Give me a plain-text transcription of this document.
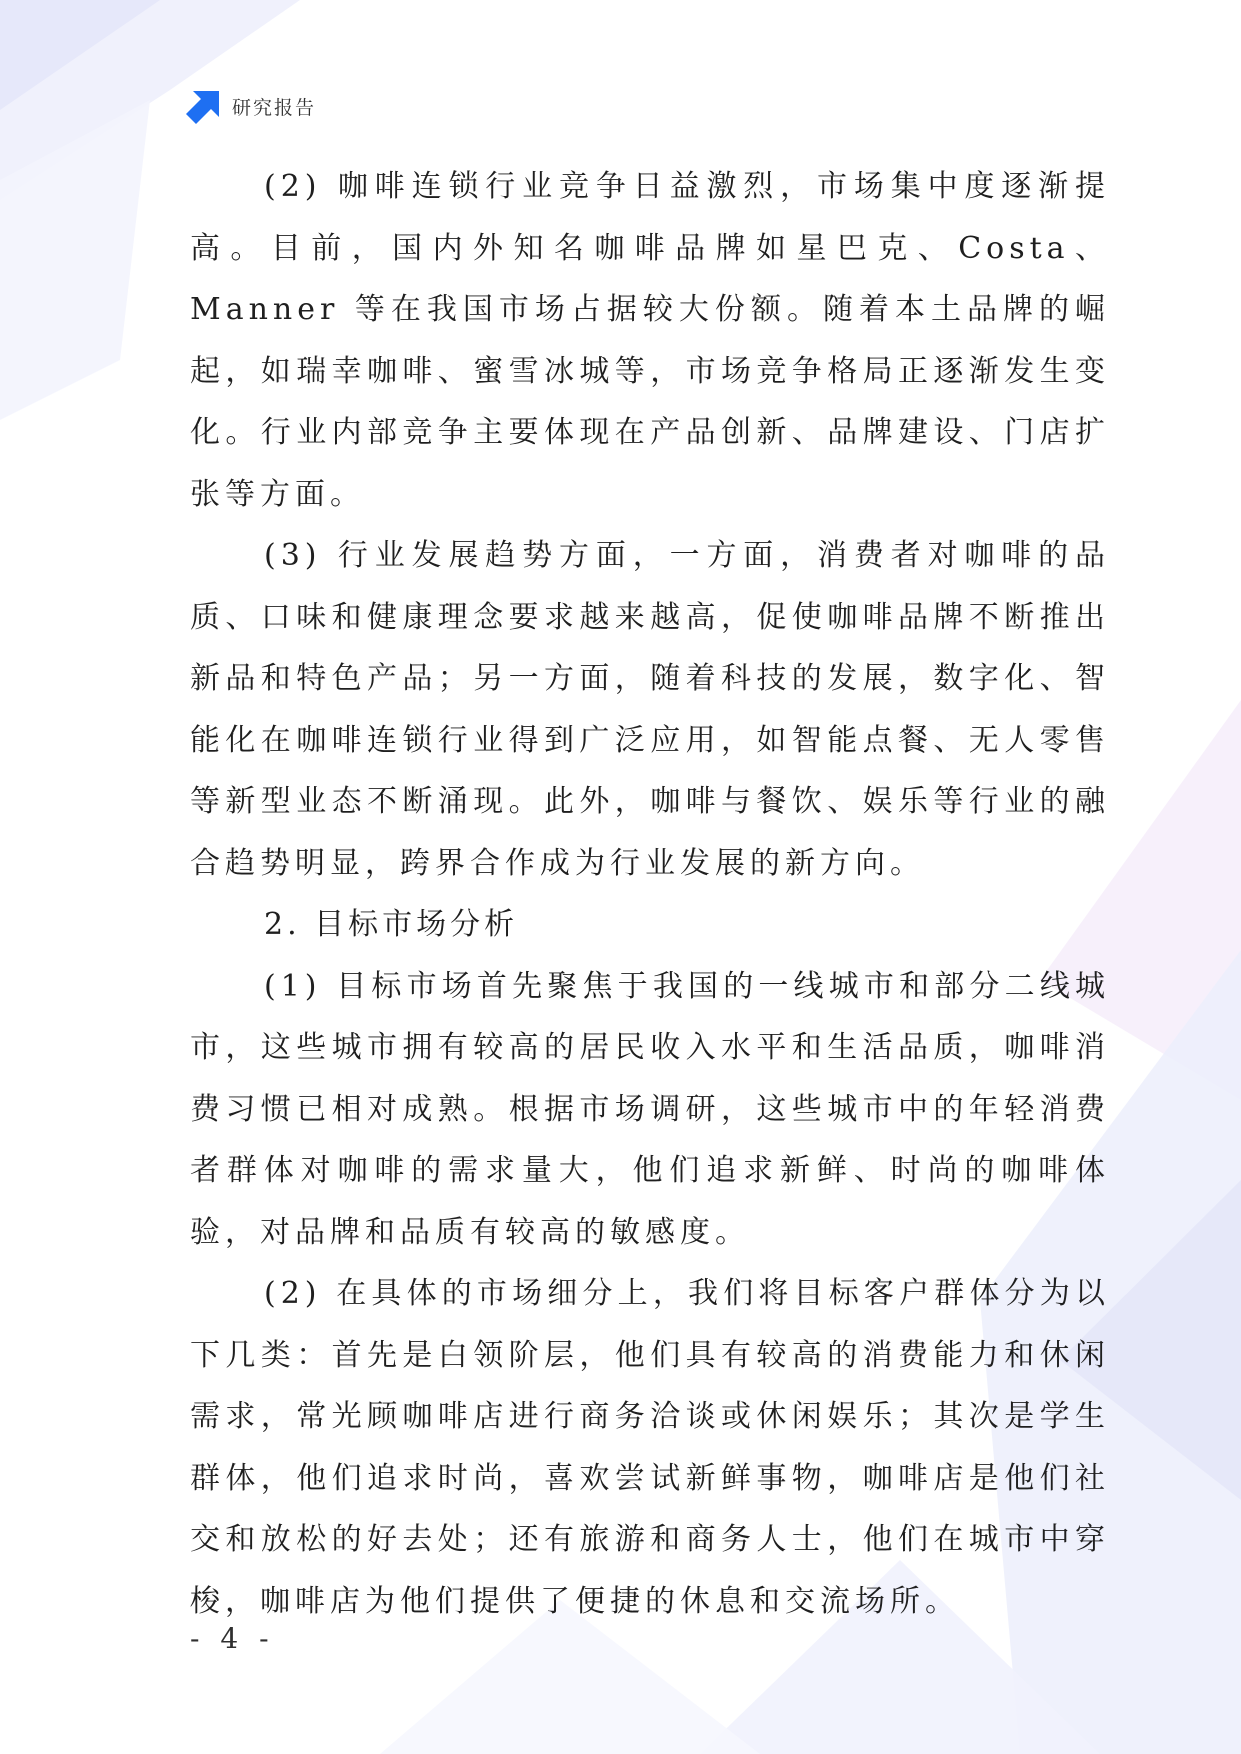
研究报告

(2) 咖啡连锁行业竞争日益激烈，市场集中度逐渐提高。目前，国内外知名咖啡品牌如星巴克、Costa、Manner 等在我国市场占据较大份额。随着本土品牌的崛起，如瑞幸咖啡、蜜雪冰城等，市场竞争格局正逐渐发生变化。行业内部竞争主要体现在产品创新、品牌建设、门店扩张等方面。

(3) 行业发展趋势方面，一方面，消费者对咖啡的品质、口味和健康理念要求越来越高，促使咖啡品牌不断推出新品和特色产品；另一方面，随着科技的发展，数字化、智能化在咖啡连锁行业得到广泛应用，如智能点餐、无人零售等新型业态不断涌现。此外，咖啡与餐饮、娱乐等行业的融合趋势明显，跨界合作成为行业发展的新方向。

2. 目标市场分析

(1) 目标市场首先聚焦于我国的一线城市和部分二线城市，这些城市拥有较高的居民收入水平和生活品质，咖啡消费习惯已相对成熟。根据市场调研，这些城市中的年轻消费者群体对咖啡的需求量大，他们追求新鲜、时尚的咖啡体验，对品牌和品质有较高的敏感度。

(2) 在具体的市场细分上，我们将目标客户群体分为以下几类：首先是白领阶层，他们具有较高的消费能力和休闲需求，常光顾咖啡店进行商务洽谈或休闲娱乐；其次是学生群体，他们追求时尚，喜欢尝试新鲜事物，咖啡店是他们社交和放松的好去处；还有旅游和商务人士，他们在城市中穿梭，咖啡店为他们提供了便捷的休息和交流场所。

- 4 -
